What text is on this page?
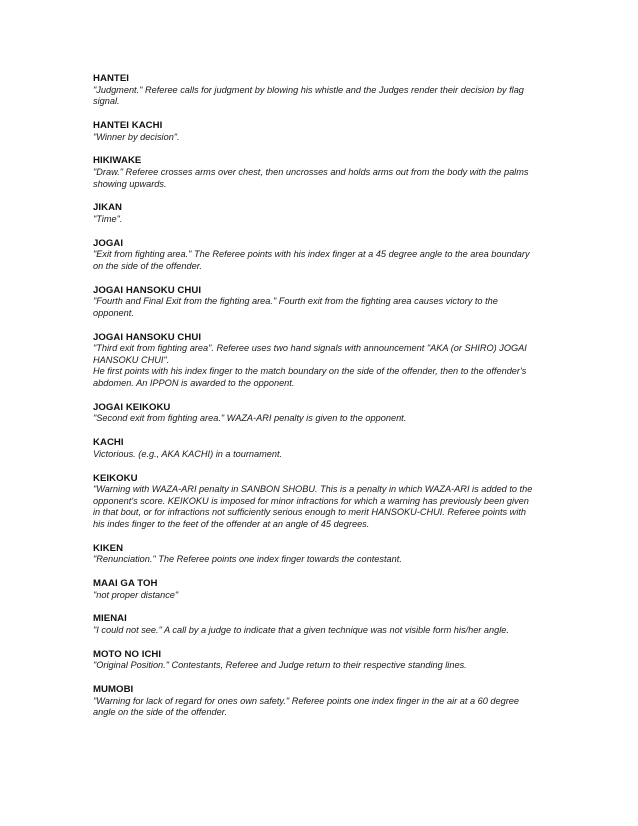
HANTEI

"Judgment." Referee calls for judgment by blowing his whistle and the Judges render their decision by flag
signal.

HANTEI KACHI

"Winner by decision".

HIKIWAKE

"Draw." Referee crosses arms over chest, then uncrosses and holds arms out from the body with the palms
showing upwards.

JIKAN

"Time".

JOGAI

"Exit from fighting area." The Referee points with his index finger at a 45 degree angle to the area boundary
on the side of the offender.

JOGAI HANSOKU CHUI

"Fourth and Final Exit from the fighting area." Fourth exit from the fighting area causes victory to the
opponent.

JOGAI HANSOKU CHUI

"Third exit from fighting area". Referee uses two hand signals with announcement "AKA (or SHIRO) JOGAI
HANSOKU CHUI".
He first points with his index finger to the match boundary on the side of the offender, then to the offender's
abdomen. An IPPON is awarded to the opponent.

JOGAI KEIKOKU

"Second exit from fighting area." WAZA-ARI penalty is given to the opponent.

KACHI

Victorious. (e.g., AKA KACHI) in a tournament.

KEIKOKU

"Warning with WAZA-ARI penalty in SANBON SHOBU. This is a penalty in which WAZA-ARI is added to the
opponent's score. KEIKOKU is imposed for minor infractions for which a warning has previously been given
in that bout, or for infractions not sufficiently serious enough to merit HANSOKU-CHUI. Referee points with
his indes finger to the feet of the offender at an angle of 45 degrees.

KIKEN

"Renunciation." The Referee points one index finger towards the contestant.

MAAI GA TOH

"not proper distance"

MIENAI

"I could not see." A call by a judge to indicate that a given technique was not visible form his/her angle.

MOTO NO ICHI

"Original Position." Contestants, Referee and Judge return to their respective standing lines.

MUMOBI

"Warning for lack of regard for ones own safety." Referee points one index finger in the air at a 60 degree
angle on the side of the offender.
